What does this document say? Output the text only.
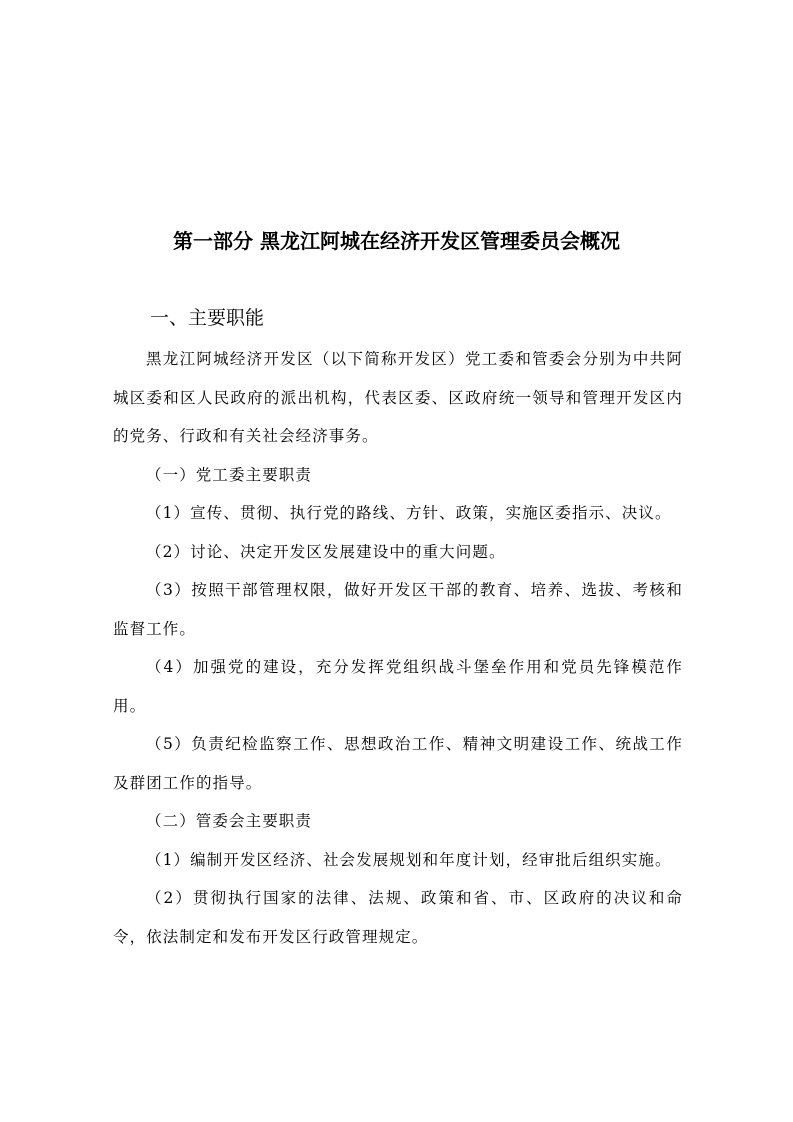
第一部分 黑龙江阿城在经济开发区管理委员会概况
一、主要职能

黑龙江阿城经济开发区（以下简称开发区）党工委和管委会分别为中共阿城区委和区人民政府的派出机构，代表区委、区政府统一领导和管理开发区内的党务、行政和有关社会经济事务。

（一）党工委主要职责

（1）宣传、贯彻、执行党的路线、方针、政策，实施区委指示、决议。

（2）讨论、决定开发区发展建设中的重大问题。

（3）按照干部管理权限，做好开发区干部的教育、培养、选拔、考核和监督工作。

（4）加强党的建设，充分发挥党组织战斗堡垒作用和党员先锋模范作用。

（5）负责纪检监察工作、思想政治工作、精神文明建设工作、统战工作及群团工作的指导。

（二）管委会主要职责

（1）编制开发区经济、社会发展规划和年度计划，经审批后组织实施。

（2）贯彻执行国家的法律、法规、政策和省、市、区政府的决议和命令，依法制定和发布开发区行政管理规定。
